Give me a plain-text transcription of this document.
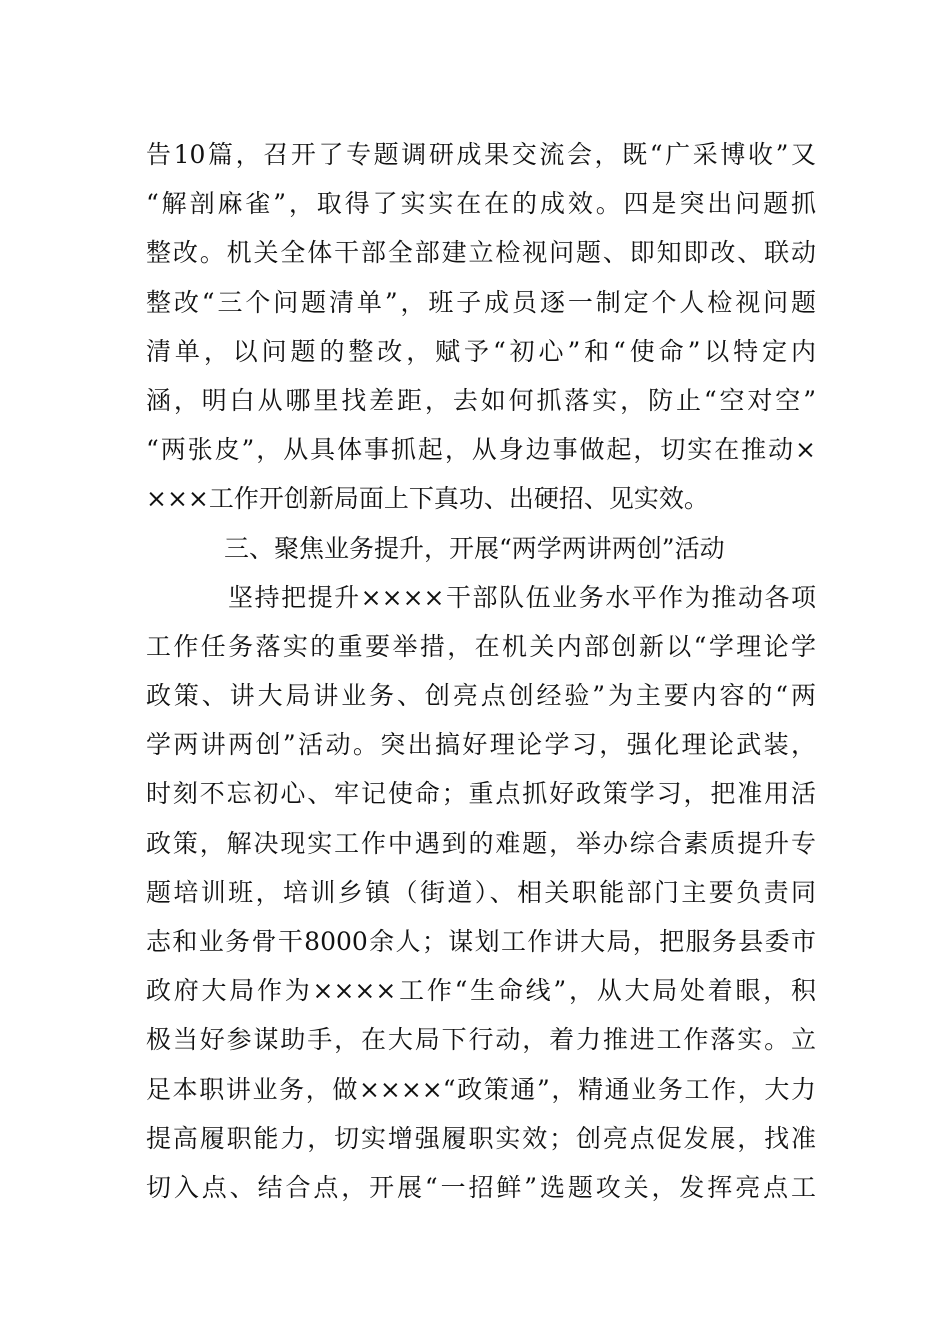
告10篇，召开了专题调研成果交流会，既“广采博收”又
“解剖麻雀”，取得了实实在在的成效。四是突出问题抓
整改。机关全体干部全部建立检视问题、即知即改、联动
整改“三个问题清单”，班子成员逐一制定个人检视问题
清单，以问题的整改，赋予“初心”和“使命”以特定内
涵，明白从哪里找差距，去如何抓落实，防止“空对空”
“两张皮”，从具体事抓起，从身边事做起，切实在推动×
×××工作开创新局面上下真功、出硬招、见实效。
三、聚焦业务提升，开展“两学两讲两创”活动
坚持把提升××××干部队伍业务水平作为推动各项
工作任务落实的重要举措，在机关内部创新以“学理论学
政策、讲大局讲业务、创亮点创经验”为主要内容的“两
学两讲两创”活动。突出搞好理论学习，强化理论武装，
时刻不忘初心、牢记使命；重点抓好政策学习，把准用活
政策，解决现实工作中遇到的难题，举办综合素质提升专
题培训班，培训乡镇（街道）、相关职能部门主要负责同
志和业务骨干8000余人；谋划工作讲大局，把服务县委市
政府大局作为××××工作“生命线”，从大局处着眼，积
极当好参谋助手，在大局下行动，着力推进工作落实。立
足本职讲业务，做××××“政策通”，精通业务工作，大力
提高履职能力，切实增强履职实效；创亮点促发展，找准
切入点、结合点，开展“一招鲜”选题攻关，发挥亮点工
